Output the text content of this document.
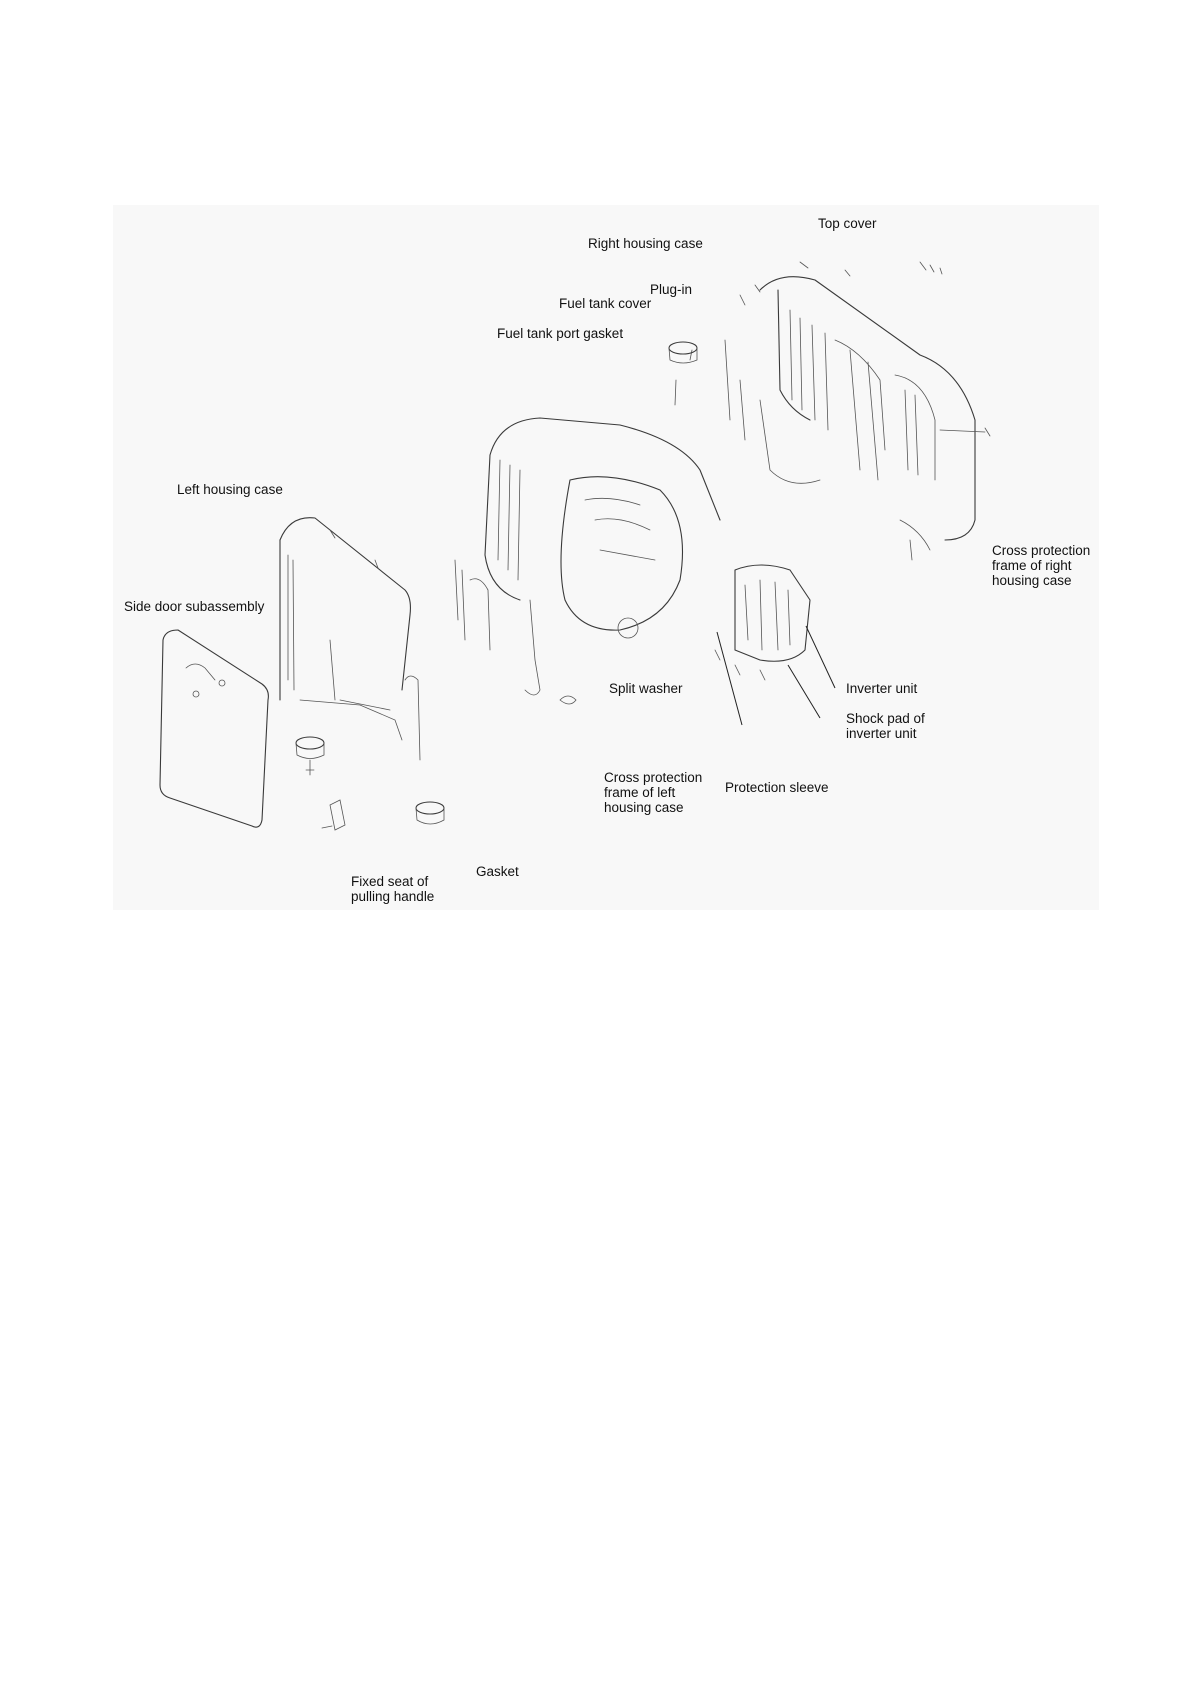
Top cover
Right housing case
Plug-in
Fuel tank cover
Fuel tank port gasket
Left housing case
Side door subassembly
Cross protection
frame of right
housing case
Split washer	Inverter unit
Shock pad of
inverter unit
Cross protection
frame of left
housing case
Protection sleeve
Gasket
Fixed seat of
pulling handle
